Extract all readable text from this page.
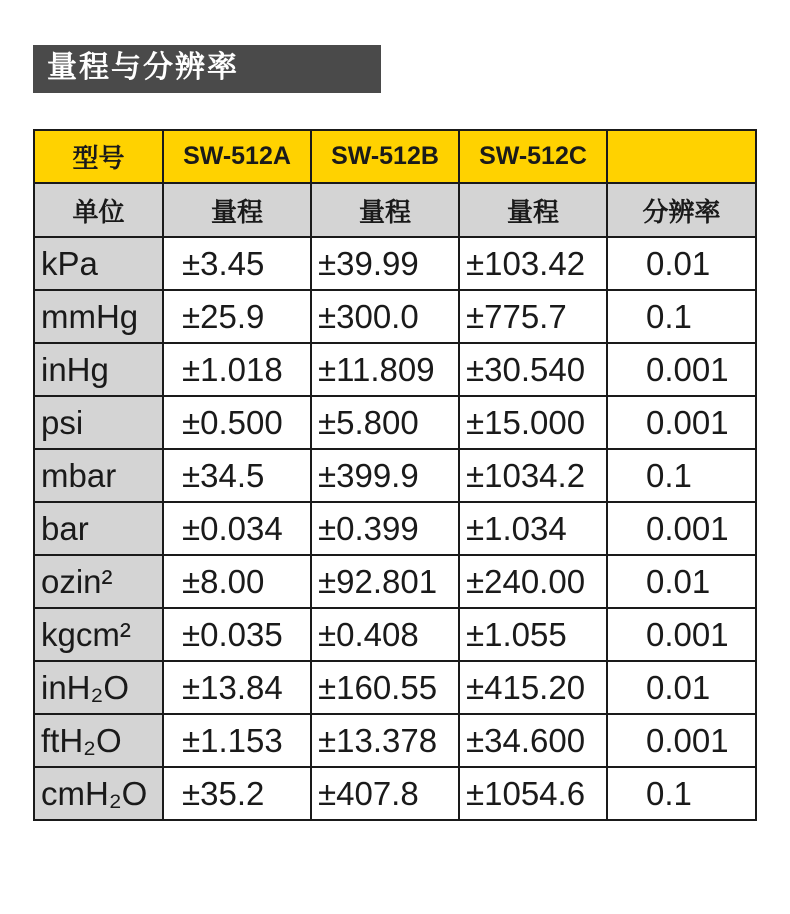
量程与分辨率
型号	SW-512A	SW-512B	SW-512C	
单位	量程	量程	量程	分辨率
kPa	±3.45	±39.99	±103.42	0.01
mmHg	±25.9	±300.0	±775.7	0.1
inHg	±1.018	±11.809	±30.540	0.001
psi	±0.500	±5.800	±15.000	0.001
mbar	±34.5	±399.9	±1034.2	0.1
bar	±0.034	±0.399	±1.034	0.001
ozin²	±8.00	±92.801	±240.00	0.01
kgcm²	±0.035	±0.408	±1.055	0.001
inH₂O	±13.84	±160.55	±415.20	0.01
ftH₂O	±1.153	±13.378	±34.600	0.001
cmH₂O	±35.2	±407.8	±1054.6	0.1
